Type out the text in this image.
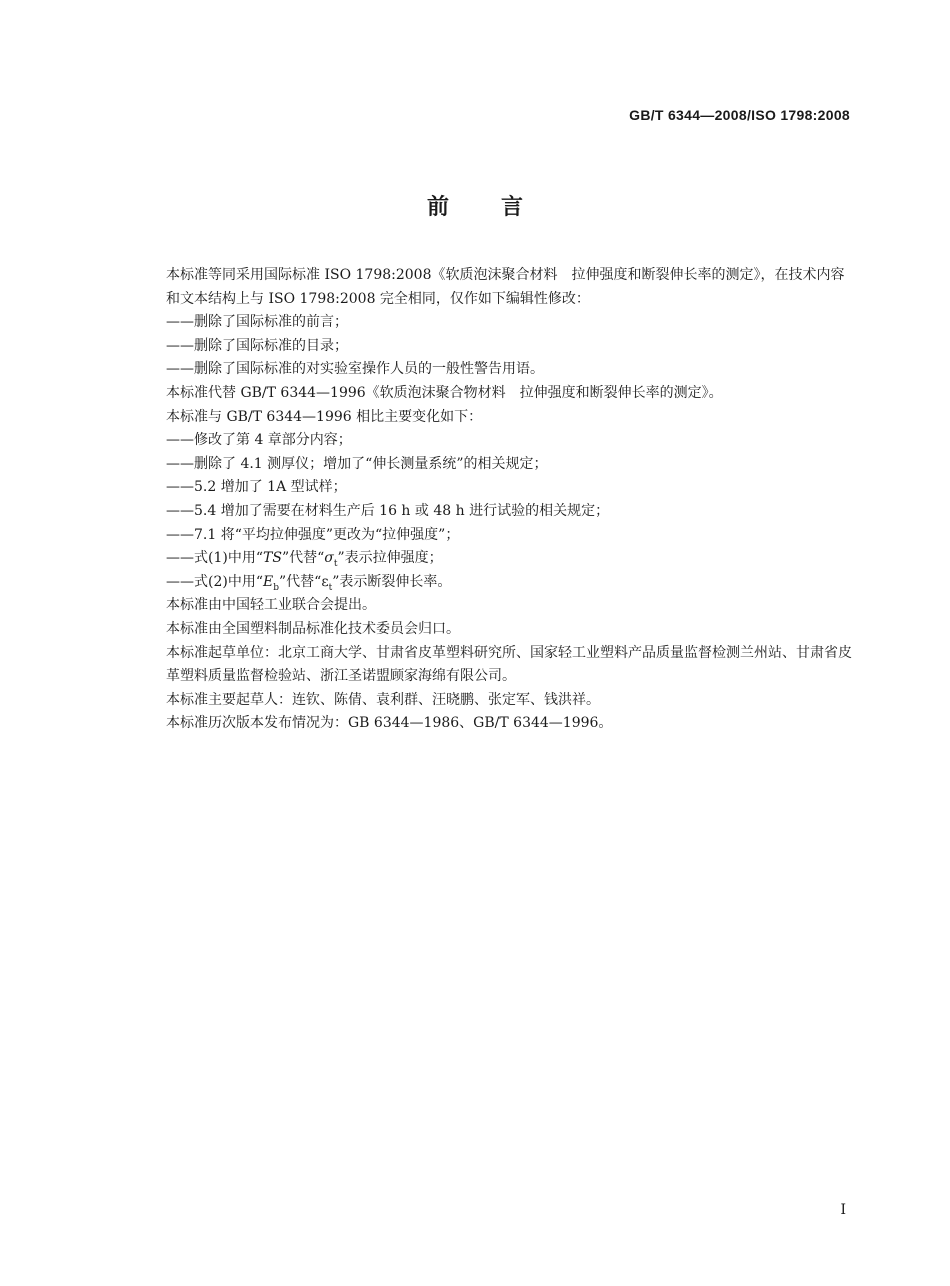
GB/T 6344—2008/ISO 1798:2008
前言

本标准等同采用国际标准 ISO 1798:2008《软质泡沫聚合材料　拉伸强度和断裂伸长率的测定》，在技术内容和文本结构上与 ISO 1798:2008 完全相同，仅作如下编辑性修改：

——删除了国际标准的前言；

——删除了国际标准的目录；

——删除了国际标准的对实验室操作人员的一般性警告用语。

本标准代替 GB/T 6344—1996《软质泡沫聚合物材料　拉伸强度和断裂伸长率的测定》。

本标准与 GB/T 6344—1996 相比主要变化如下：

——修改了第 4 章部分内容；

——删除了 4.1 测厚仪；增加了“伸长测量系统”的相关规定；

——5.2 增加了 1A 型试样；

——5.4 增加了需要在材料生产后 16 h 或 48 h 进行试验的相关规定；

——7.1 将“平均拉伸强度”更改为“拉伸强度”；

——式(1)中用“TS”代替“$\sigma_t$”表示拉伸强度；

——式(2)中用“$E_b$”代替“$\varepsilon_t$”表示断裂伸长率。

本标准由中国轻工业联合会提出。

本标准由全国塑料制品标准化技术委员会归口。

本标准起草单位：北京工商大学、甘肃省皮革塑料研究所、国家轻工业塑料产品质量监督检测兰州站、甘肃省皮革塑料质量监督检验站、浙江圣诺盟顾家海绵有限公司。

本标准主要起草人：连钦、陈倩、袁利群、汪晓鹏、张定军、钱洪祥。

本标准历次版本发布情况为：GB 6344—1986、GB/T 6344—1996。

I
